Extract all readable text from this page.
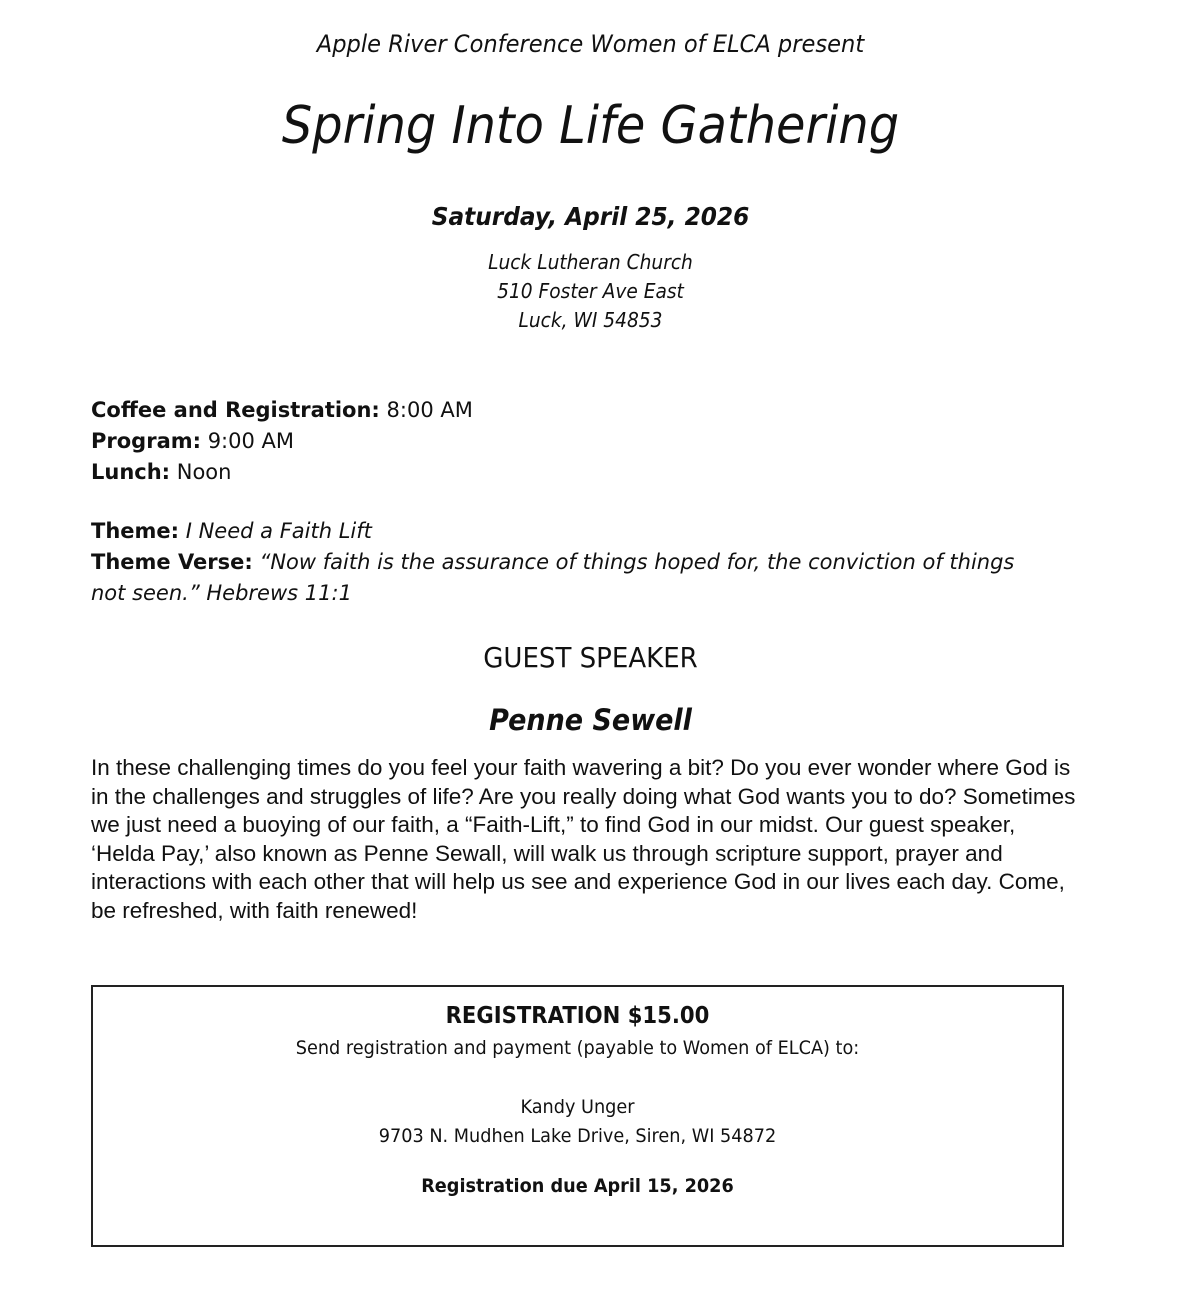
Apple River Conference Women of ELCA present
Spring Into Life Gathering
Saturday, April 25, 2026
Luck Lutheran Church
510 Foster Ave East
Luck, WI 54853
Coffee and Registration: 8:00 AM
Program: 9:00 AM
Lunch: Noon
Theme: I Need a Faith Lift
Theme Verse: “Now faith is the assurance of things hoped for, the conviction of things not seen.” Hebrews 11:1
GUEST SPEAKER
Penne Sewell
In these challenging times do you feel your faith wavering a bit? Do you ever wonder where God is in the challenges and struggles of life? Are you really doing what God wants you to do? Sometimes we just need a buoying of our faith, a “Faith-Lift,” to find God in our midst. Our guest speaker, ‘Helda Pay,’ also known as Penne Sewall, will walk us through scripture support, prayer and interactions with each other that will help us see and experience God in our lives each day. Come, be refreshed, with faith renewed!
REGISTRATION $15.00
Send registration and payment (payable to Women of ELCA) to:
Kandy Unger
9703 N. Mudhen Lake Drive, Siren, WI 54872
Registration due April 15, 2026
